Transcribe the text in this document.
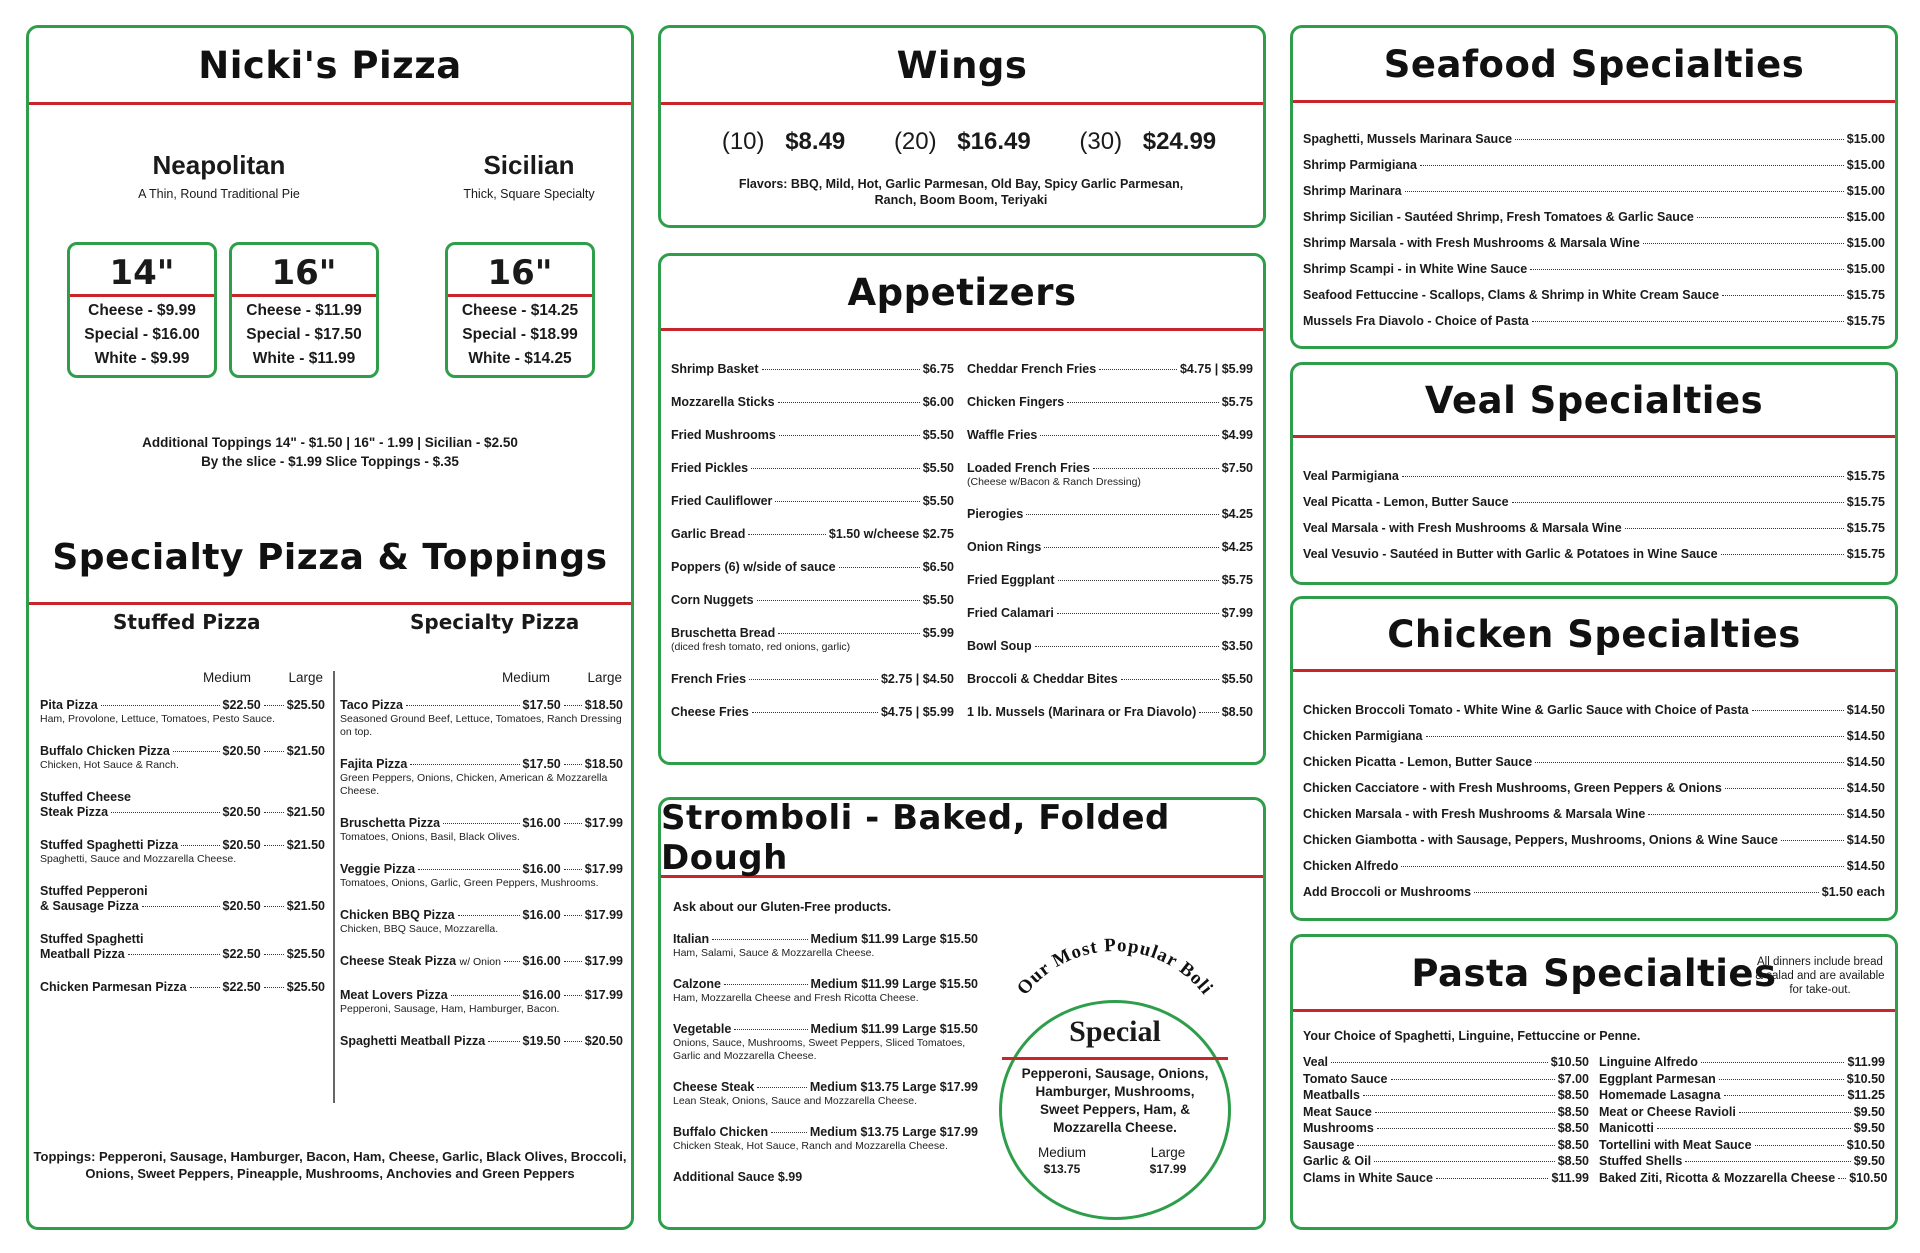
Nicki's Pizza
Neapolitan
A Thin, Round Traditional Pie
Sicilian
Thick, Square Specialty
14"
Cheese - $9.99
Special - $16.00
White - $9.99
16"
Cheese - $11.99
Special - $17.50
White - $11.99
16"
Cheese - $14.25
Special - $18.99
White - $14.25
Additional Toppings 14" - $1.50 | 16" - 1.99 | Sicilian - $2.50
By the slice - $1.99 Slice Toppings - $.35
Specialty Pizza & Toppings
Stuffed Pizza	Specialty Pizza
Medium	Large	Medium	Large
Pita Pizza	$22.50 $25.50
Ham, Provolone, Lettuce, Tomatoes, Pesto Sauce.
Buffalo Chicken Pizza	$20.50 $21.50
Chicken, Hot Sauce & Ranch.
Stuffed Cheese
Steak Pizza	$20.50 $21.50
Stuffed Spaghetti Pizza	$20.50 $21.50
Spaghetti, Sauce and Mozzarella Cheese.
Stuffed Pepperoni
& Sausage Pizza	$20.50 $21.50
Stuffed Spaghetti
Meatball Pizza	$22.50 $25.50
Chicken Parmesan Pizza	$22.50 $25.50
Taco Pizza	$17.50 $18.50
Seasoned Ground Beef, Lettuce, Tomatoes, Ranch Dressing on top.
Fajita Pizza	$17.50 $18.50
Green Peppers, Onions, Chicken, American & Mozzarella Cheese.
Bruschetta Pizza	$16.00 $17.99
Tomatoes, Onions, Basil, Black Olives.
Veggie Pizza	$16.00 $17.99
Tomatoes, Onions, Garlic, Green Peppers, Mushrooms.
Chicken BBQ Pizza	$16.00 $17.99
Chicken, BBQ Sauce, Mozzarella.
Cheese Steak Pizza w/ Onion $16.00 $17.99
Meat Lovers Pizza	$16.00 $17.99
Pepperoni, Sausage, Ham, Hamburger, Bacon.
Spaghetti Meatball Pizza	$19.50 $20.50
Toppings: Pepperoni, Sausage, Hamburger, Bacon, Ham, Cheese, Garlic, Black Olives, Broccoli, Onions, Sweet Peppers, Pineapple, Mushrooms, Anchovies and Green Peppers
Wings
(10) $8.49 (20) $16.49 (30) $24.99
Flavors: BBQ, Mild, Hot, Garlic Parmesan, Old Bay, Spicy Garlic Parmesan, Ranch, Boom Boom, Teriyaki
Appetizers
Shrimp Basket	$6.75
Mozzarella Sticks	$6.00
Fried Mushrooms	$5.50
Fried Pickles	$5.50
Fried Cauliflower	$5.50
Garlic Bread	$1.50 w/cheese $2.75
Poppers (6) w/side of sauce	$6.50
Corn Nuggets	$5.50
Bruschetta Bread	$5.99
(diced fresh tomato, red onions, garlic)
French Fries	$2.75 | $4.50
Cheese Fries	$4.75 | $5.99
Cheddar French Fries	$4.75 | $5.99
Chicken Fingers	$5.75
Waffle Fries	$4.99
Loaded French Fries	$7.50
(Cheese w/Bacon & Ranch Dressing)
Pierogies	$4.25
Onion Rings	$4.25
Fried Eggplant	$5.75
Fried Calamari	$7.99
Bowl Soup	$3.50
Broccoli & Cheddar Bites	$5.50
1 lb. Mussels (Marinara or Fra Diavolo) $8.50
Stromboli - Baked, Folded Dough
Ask about our Gluten-Free products.
Italian	Medium $11.99 Large $15.50
Ham, Salami, Sauce & Mozzarella Cheese.
Calzone	Medium $11.99 Large $15.50
Ham, Mozzarella Cheese and Fresh Ricotta Cheese.
Vegetable	Medium $11.99 Large $15.50
Onions, Sauce, Mushrooms, Sweet Peppers, Sliced Tomatoes, Garlic and Mozzarella Cheese.
Cheese Steak	Medium $13.75 Large $17.99
Lean Steak, Onions, Sauce and Mozzarella Cheese.
Buffalo Chicken	Medium $13.75 Large $17.99
Chicken Steak, Hot Sauce, Ranch and Mozzarella Cheese.
Additional Sauce $.99
Our Most Popular Boli
Special
Pepperoni, Sausage, Onions, Hamburger, Mushrooms, Sweet Peppers, Ham, & Mozzarella Cheese.
Medium
$13.75
Large
$17.99
Seafood Specialties
Spaghetti, Mussels Marinara Sauce	$15.00
Shrimp Parmigiana	$15.00
Shrimp Marinara	$15.00
Shrimp Sicilian - Sautéed Shrimp, Fresh Tomatoes & Garlic Sauce	$15.00
Shrimp Marsala - with Fresh Mushrooms & Marsala Wine	$15.00
Shrimp Scampi - in White Wine Sauce	$15.00
Seafood Fettuccine - Scallops, Clams & Shrimp in White Cream Sauce	$15.75
Mussels Fra Diavolo - Choice of Pasta	$15.75
Veal Specialties
Veal Parmigiana	$15.75
Veal Picatta - Lemon, Butter Sauce	$15.75
Veal Marsala - with Fresh Mushrooms & Marsala Wine	$15.75
Veal Vesuvio - Sautéed in Butter with Garlic & Potatoes in Wine Sauce	$15.75
Chicken Specialties
Chicken Broccoli Tomato - White Wine & Garlic Sauce with Choice of Pasta	$14.50
Chicken Parmigiana	$14.50
Chicken Picatta - Lemon, Butter Sauce	$14.50
Chicken Cacciatore - with Fresh Mushrooms, Green Peppers & Onions	$14.50
Chicken Marsala - with Fresh Mushrooms & Marsala Wine	$14.50
Chicken Giambotta - with Sausage, Peppers, Mushrooms, Onions & Wine Sauce	$14.50
Chicken Alfredo	$14.50
Add Broccoli or Mushrooms	$1.50 each
Pasta Specialties
All dinners include bread & salad and are available for take-out.
Your Choice of Spaghetti, Linguine, Fettuccine or Penne.
Veal	$10.50
Tomato Sauce	$7.00
Meatballs	$8.50
Meat Sauce	$8.50
Mushrooms	$8.50
Sausage	$8.50
Garlic & Oil	$8.50
Clams in White Sauce	$11.99
Linguine Alfredo	$11.99
Eggplant Parmesan	$10.50
Homemade Lasagna	$11.25
Meat or Cheese Ravioli	$9.50
Manicotti	$9.50
Tortellini with Meat Sauce	$10.50
Stuffed Shells	$9.50
Baked Ziti, Ricotta & Mozzarella Cheese $10.50
